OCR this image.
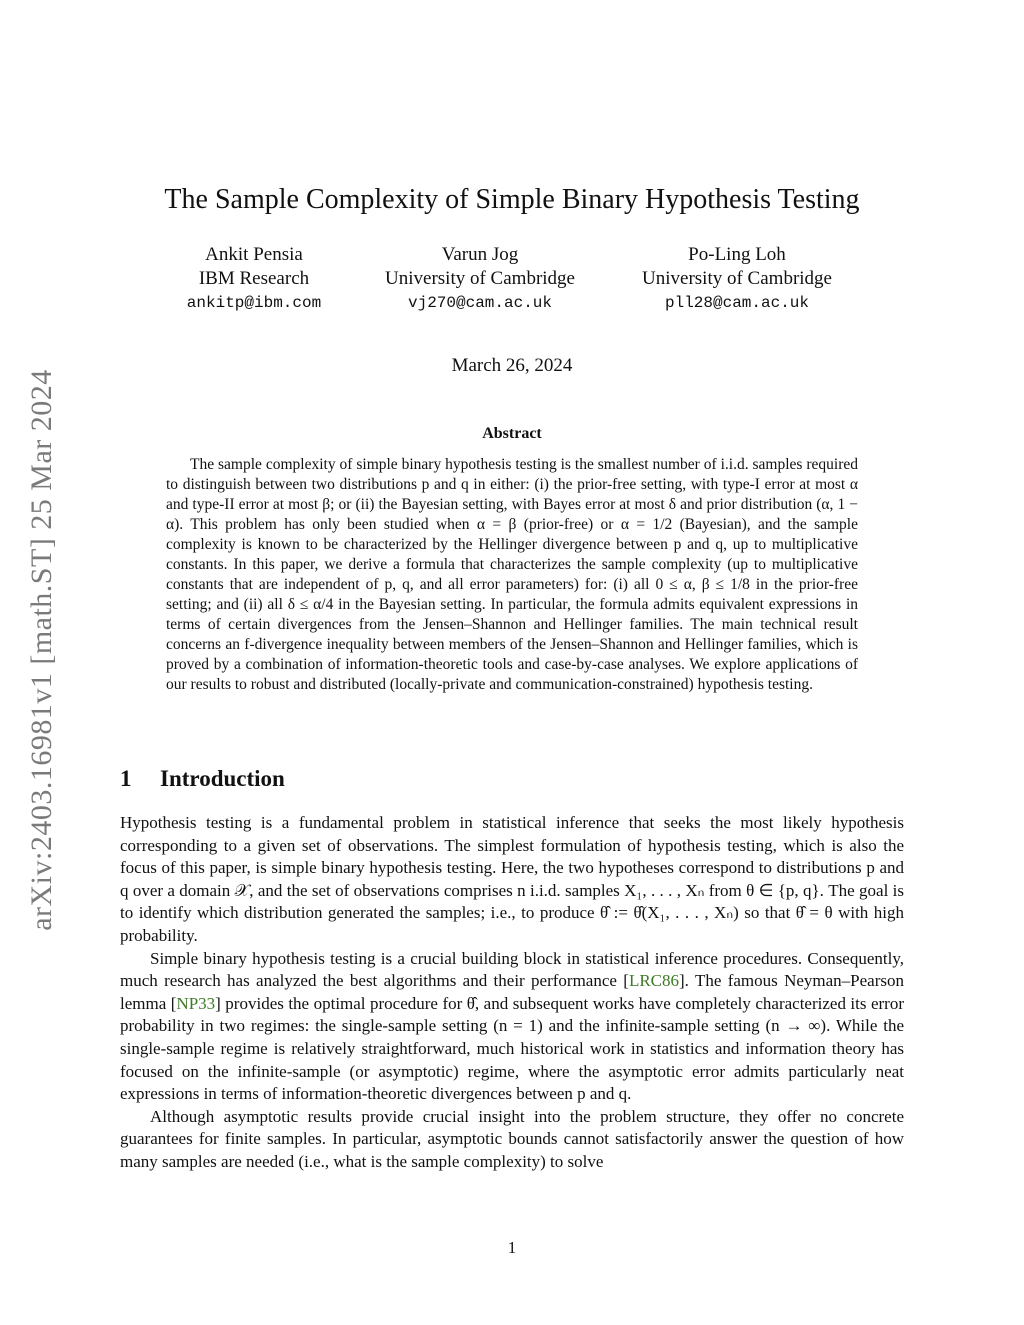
arXiv:2403.16981v1 [math.ST] 25 Mar 2024
The Sample Complexity of Simple Binary Hypothesis Testing
Ankit Pensia
IBM Research
ankitp@ibm.com
Varun Jog
University of Cambridge
vj270@cam.ac.uk
Po-Ling Loh
University of Cambridge
pll28@cam.ac.uk
March 26, 2024
Abstract

The sample complexity of simple binary hypothesis testing is the smallest number of i.i.d. samples required to distinguish between two distributions p and q in either: (i) the prior-free setting, with type-I error at most α and type-II error at most β; or (ii) the Bayesian setting, with Bayes error at most δ and prior distribution (α, 1 − α). This problem has only been studied when α = β (prior-free) or α = 1/2 (Bayesian), and the sample complexity is known to be characterized by the Hellinger divergence between p and q, up to multiplicative constants. In this paper, we derive a formula that characterizes the sample complexity (up to multiplicative constants that are independent of p, q, and all error parameters) for: (i) all 0 ≤ α, β ≤ 1/8 in the prior-free setting; and (ii) all δ ≤ α/4 in the Bayesian setting. In particular, the formula admits equivalent expressions in terms of certain divergences from the Jensen–Shannon and Hellinger families. The main technical result concerns an f-divergence inequality between members of the Jensen–Shannon and Hellinger families, which is proved by a combination of information-theoretic tools and case-by-case analyses. We explore applications of our results to robust and distributed (locally-private and communication-constrained) hypothesis testing.

1 Introduction

Hypothesis testing is a fundamental problem in statistical inference that seeks the most likely hypothesis corresponding to a given set of observations. The simplest formulation of hypothesis testing, which is also the focus of this paper, is simple binary hypothesis testing. Here, the two hypotheses correspond to distributions p and q over a domain 𝒳, and the set of observations comprises n i.i.d. samples X₁, . . . , Xₙ from θ ∈ {p, q}. The goal is to identify which distribution generated the samples; i.e., to produce θ̂ := θ̂(X₁, . . . , Xₙ) so that θ̂ = θ with high probability.

Simple binary hypothesis testing is a crucial building block in statistical inference procedures. Consequently, much research has analyzed the best algorithms and their performance [LRC86]. The famous Neyman–Pearson lemma [NP33] provides the optimal procedure for θ̂, and subsequent works have completely characterized its error probability in two regimes: the single-sample setting (n = 1) and the infinite-sample setting (n → ∞). While the single-sample regime is relatively straightforward, much historical work in statistics and information theory has focused on the infinite-sample (or asymptotic) regime, where the asymptotic error admits particularly neat expressions in terms of information-theoretic divergences between p and q.

Although asymptotic results provide crucial insight into the problem structure, they offer no concrete guarantees for finite samples. In particular, asymptotic bounds cannot satisfactorily answer the question of how many samples are needed (i.e., what is the sample complexity) to solve

1
